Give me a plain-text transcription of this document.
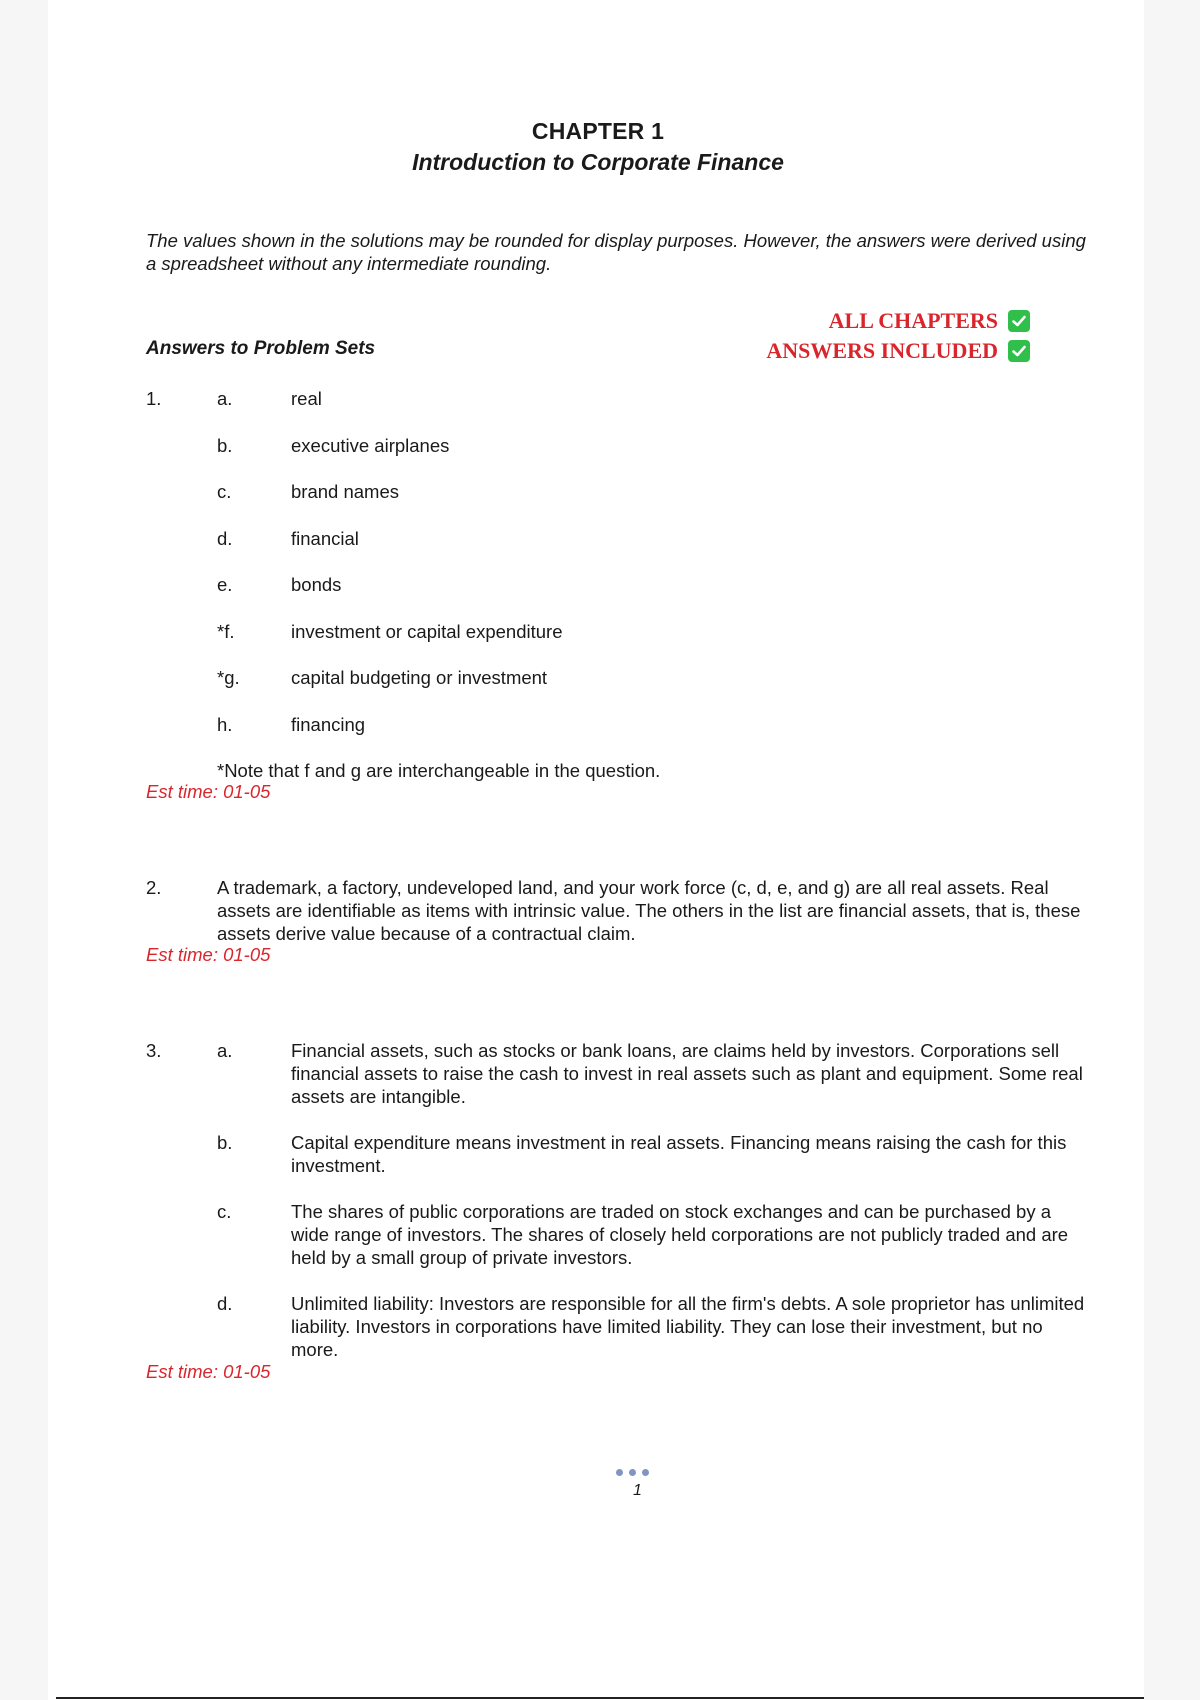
CHAPTER 1
Introduction to Corporate Finance
The values shown in the solutions may be rounded for display purposes. However, the answers were derived using a spreadsheet without any intermediate rounding.
ALL CHAPTERS
ANSWERS INCLUDED
Answers to Problem Sets
1.	a.	real
b.	executive airplanes
c.	brand names
d.	financial
e.	bonds
*f.	investment or capital expenditure
*g.	capital budgeting or investment
h.	financing
*Note that f and g are interchangeable in the question.
Est time: 01-05
2.	A trademark, a factory, undeveloped land, and your work force (c, d, e, and g) are all real assets. Real assets are identifiable as items with intrinsic value. The others in the list are financial assets, that is, these assets derive value because of a contractual claim.
Est time: 01-05
3.	a.	Financial assets, such as stocks or bank loans, are claims held by investors. Corporations sell financial assets to raise the cash to invest in real assets such as plant and equipment. Some real assets are intangible.
b.	Capital expenditure means investment in real assets. Financing means raising the cash for this investment.
c.	The shares of public corporations are traded on stock exchanges and can be purchased by a wide range of investors. The shares of closely held corporations are not publicly traded and are held by a small group of private investors.
d.	Unlimited liability: Investors are responsible for all the firm's debts. A sole proprietor has unlimited liability. Investors in corporations have limited liability. They can lose their investment, but no more.
Est time: 01-05
1
